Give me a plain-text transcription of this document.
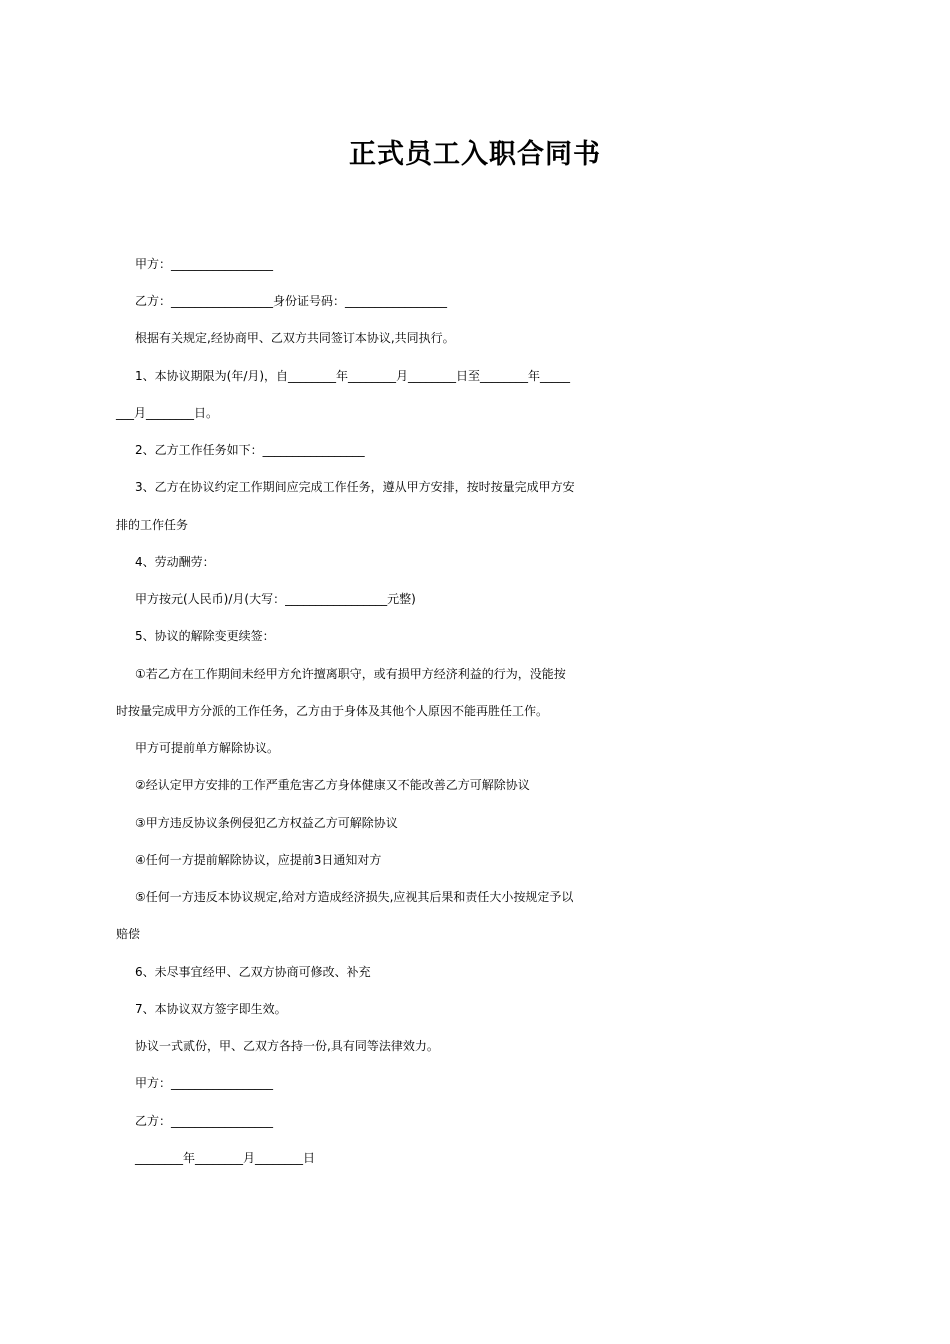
正式员工入职合同书
甲方：_________________
乙方：_________________身份证号码：_________________
根据有关规定,经协商甲、乙双方共同签订本协议,共同执行。
1、本协议期限为(年/月)，自________年________月________日至________年_____
___月________日。
2、乙方工作任务如下：_________________
3、乙方在协议约定工作期间应完成工作任务，遵从甲方安排，按时按量完成甲方安
排的工作任务
4、劳动酬劳：
甲方按元(人民币)/月(大写：_________________元整)
5、协议的解除变更续签：
①若乙方在工作期间未经甲方允许擅离职守，或有损甲方经济利益的行为，没能按
时按量完成甲方分派的工作任务，乙方由于身体及其他个人原因不能再胜任工作。
甲方可提前单方解除协议。
②经认定甲方安排的工作严重危害乙方身体健康又不能改善乙方可解除协议
③甲方违反协议条例侵犯乙方权益乙方可解除协议
④任何一方提前解除协议，应提前3日通知对方
⑤任何一方违反本协议规定,给对方造成经济损失,应视其后果和责任大小按规定予以
赔偿
6、未尽事宜经甲、乙双方协商可修改、补充
7、本协议双方签字即生效。
协议一式贰份，甲、乙双方各持一份,具有同等法律效力。
甲方：_________________
乙方：_________________
________年________月________日
